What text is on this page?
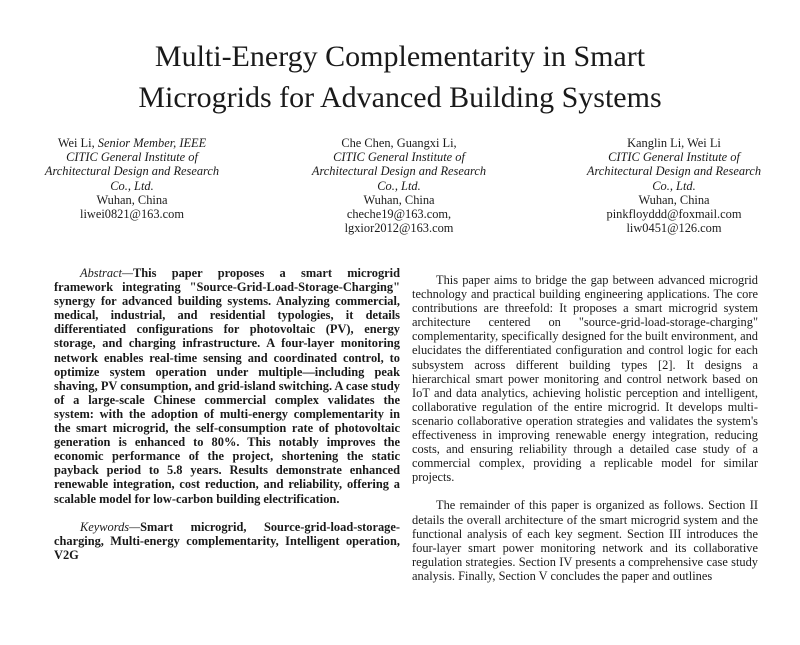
Multi-Energy Complementarity in Smart
Microgrids for Advanced Building Systems
Wei Li, Senior Member, IEEE
CITIC General Institute of
Architectural Design and Research
Co., Ltd.
Wuhan, China
liwei0821@163.com
Che Chen, Guangxi Li,
CITIC General Institute of
Architectural Design and Research
Co., Ltd.
Wuhan, China
cheche19@163.com,
lgxior2012@163.com
Kanglin Li, Wei Li
CITIC General Institute of
Architectural Design and Research
Co., Ltd.
Wuhan, China
pinkfloyddd@foxmail.com
liw0451@126.com

Abstract—This paper proposes a smart microgrid framework integrating "Source-Grid-Load-Storage-Charging" synergy for advanced building systems. Analyzing commercial, medical, industrial, and residential typologies, it details differentiated configurations for photovoltaic (PV), energy storage, and charging infrastructure. A four-layer monitoring network enables real-time sensing and coordinated control, to optimize system operation under multiple—including peak shaving, PV consumption, and grid-island switching. A case study of a large-scale Chinese commercial complex validates the system: with the adoption of multi-energy complementarity in the smart microgrid, the self-consumption rate of photovoltaic generation is enhanced to 80%. This notably improves the economic performance of the project, shortening the static payback period to 5.8 years. Results demonstrate enhanced renewable integration, cost reduction, and reliability, offering a scalable model for low-carbon building electrification.

Keywords—Smart microgrid, Source-grid-load-storage-charging, Multi-energy complementarity, Intelligent operation, V2G

This paper aims to bridge the gap between advanced microgrid technology and practical building engineering applications. The core contributions are threefold: It proposes a smart microgrid system architecture centered on "source-grid-load-storage-charging" complementarity, specifically designed for the built environment, and elucidates the differentiated configuration and control logic for each subsystem across different building types [2]. It designs a hierarchical smart power monitoring and control network based on IoT and data analytics, achieving holistic perception and intelligent, collaborative regulation of the entire microgrid. It develops multi-scenario collaborative operation strategies and validates the system's effectiveness in improving renewable energy integration, reducing costs, and ensuring reliability through a detailed case study of a commercial complex, providing a replicable model for similar projects.

The remainder of this paper is organized as follows. Section II details the overall architecture of the smart microgrid system and the functional analysis of each key segment. Section III introduces the four-layer smart power monitoring network and its collaborative regulation strategies. Section IV presents a comprehensive case study analysis. Finally, Section V concludes the paper and outlines
